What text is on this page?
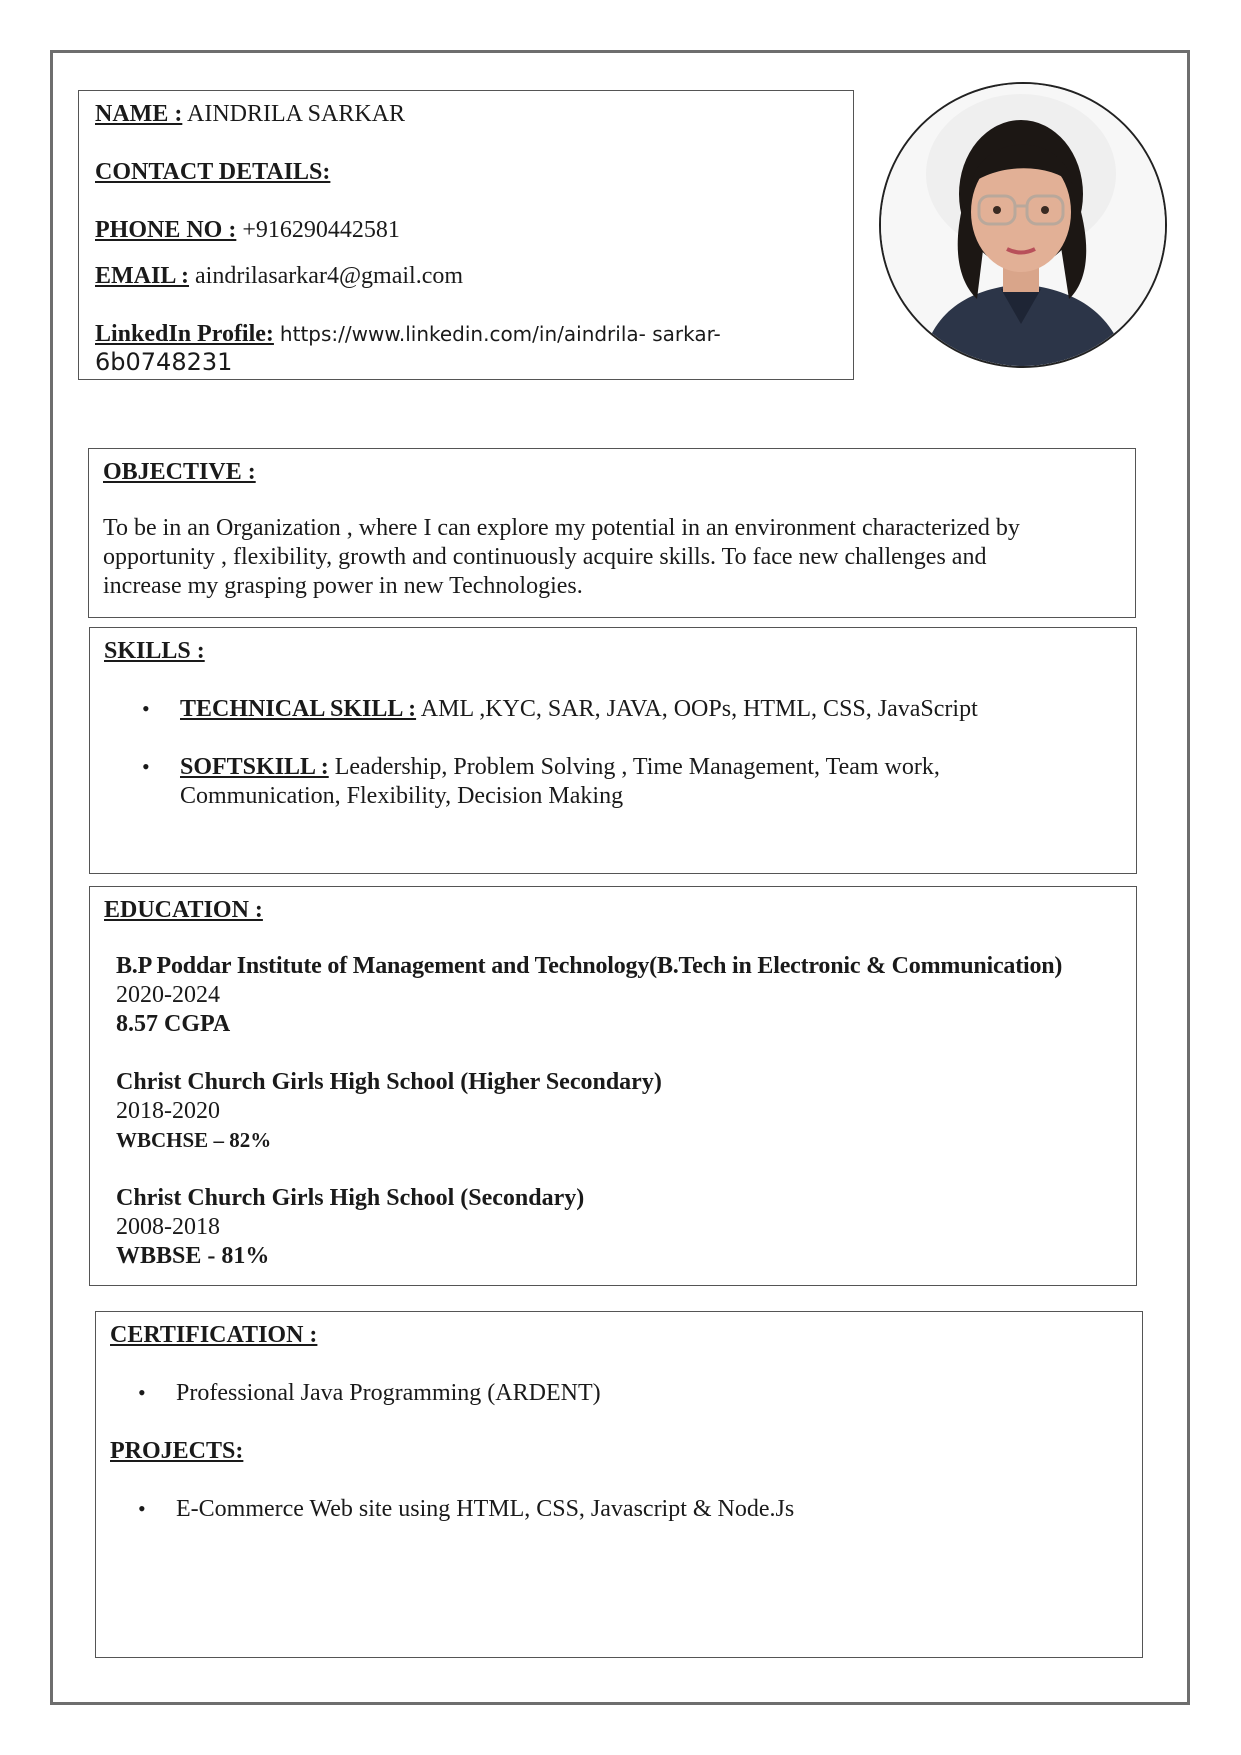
NAME : AINDRILA SARKAR
CONTACT DETAILS:
PHONE NO : +916290442581
EMAIL : aindrilasarkar4@gmail.com
LinkedIn Profile: https://www.linkedin.com/in/aindrila- sarkar-
6b0748231
OBJECTIVE :
To be in an Organization , where I can explore my potential in an environment characterized by
opportunity , flexibility, growth and continuously acquire skills. To face new challenges and
increase my grasping power in new Technologies.
SKILLS :
• TECHNICAL SKILL : AML ,KYC, SAR, JAVA, OOPs, HTML, CSS, JavaScript
• SOFTSKILL : Leadership, Problem Solving , Time Management, Team work,
Communication, Flexibility, Decision Making
EDUCATION :
B.P Poddar Institute of Management and Technology(B.Tech in Electronic & Communication)
2020-2024
8.57 CGPA
Christ Church Girls High School (Higher Secondary)
2018-2020
WBCHSE – 82%
Christ Church Girls High School (Secondary)
2008-2018
WBBSE - 81%
CERTIFICATION :
• Professional Java Programming (ARDENT)
PROJECTS:
• E-Commerce Web site using HTML, CSS, Javascript & Node.Js
